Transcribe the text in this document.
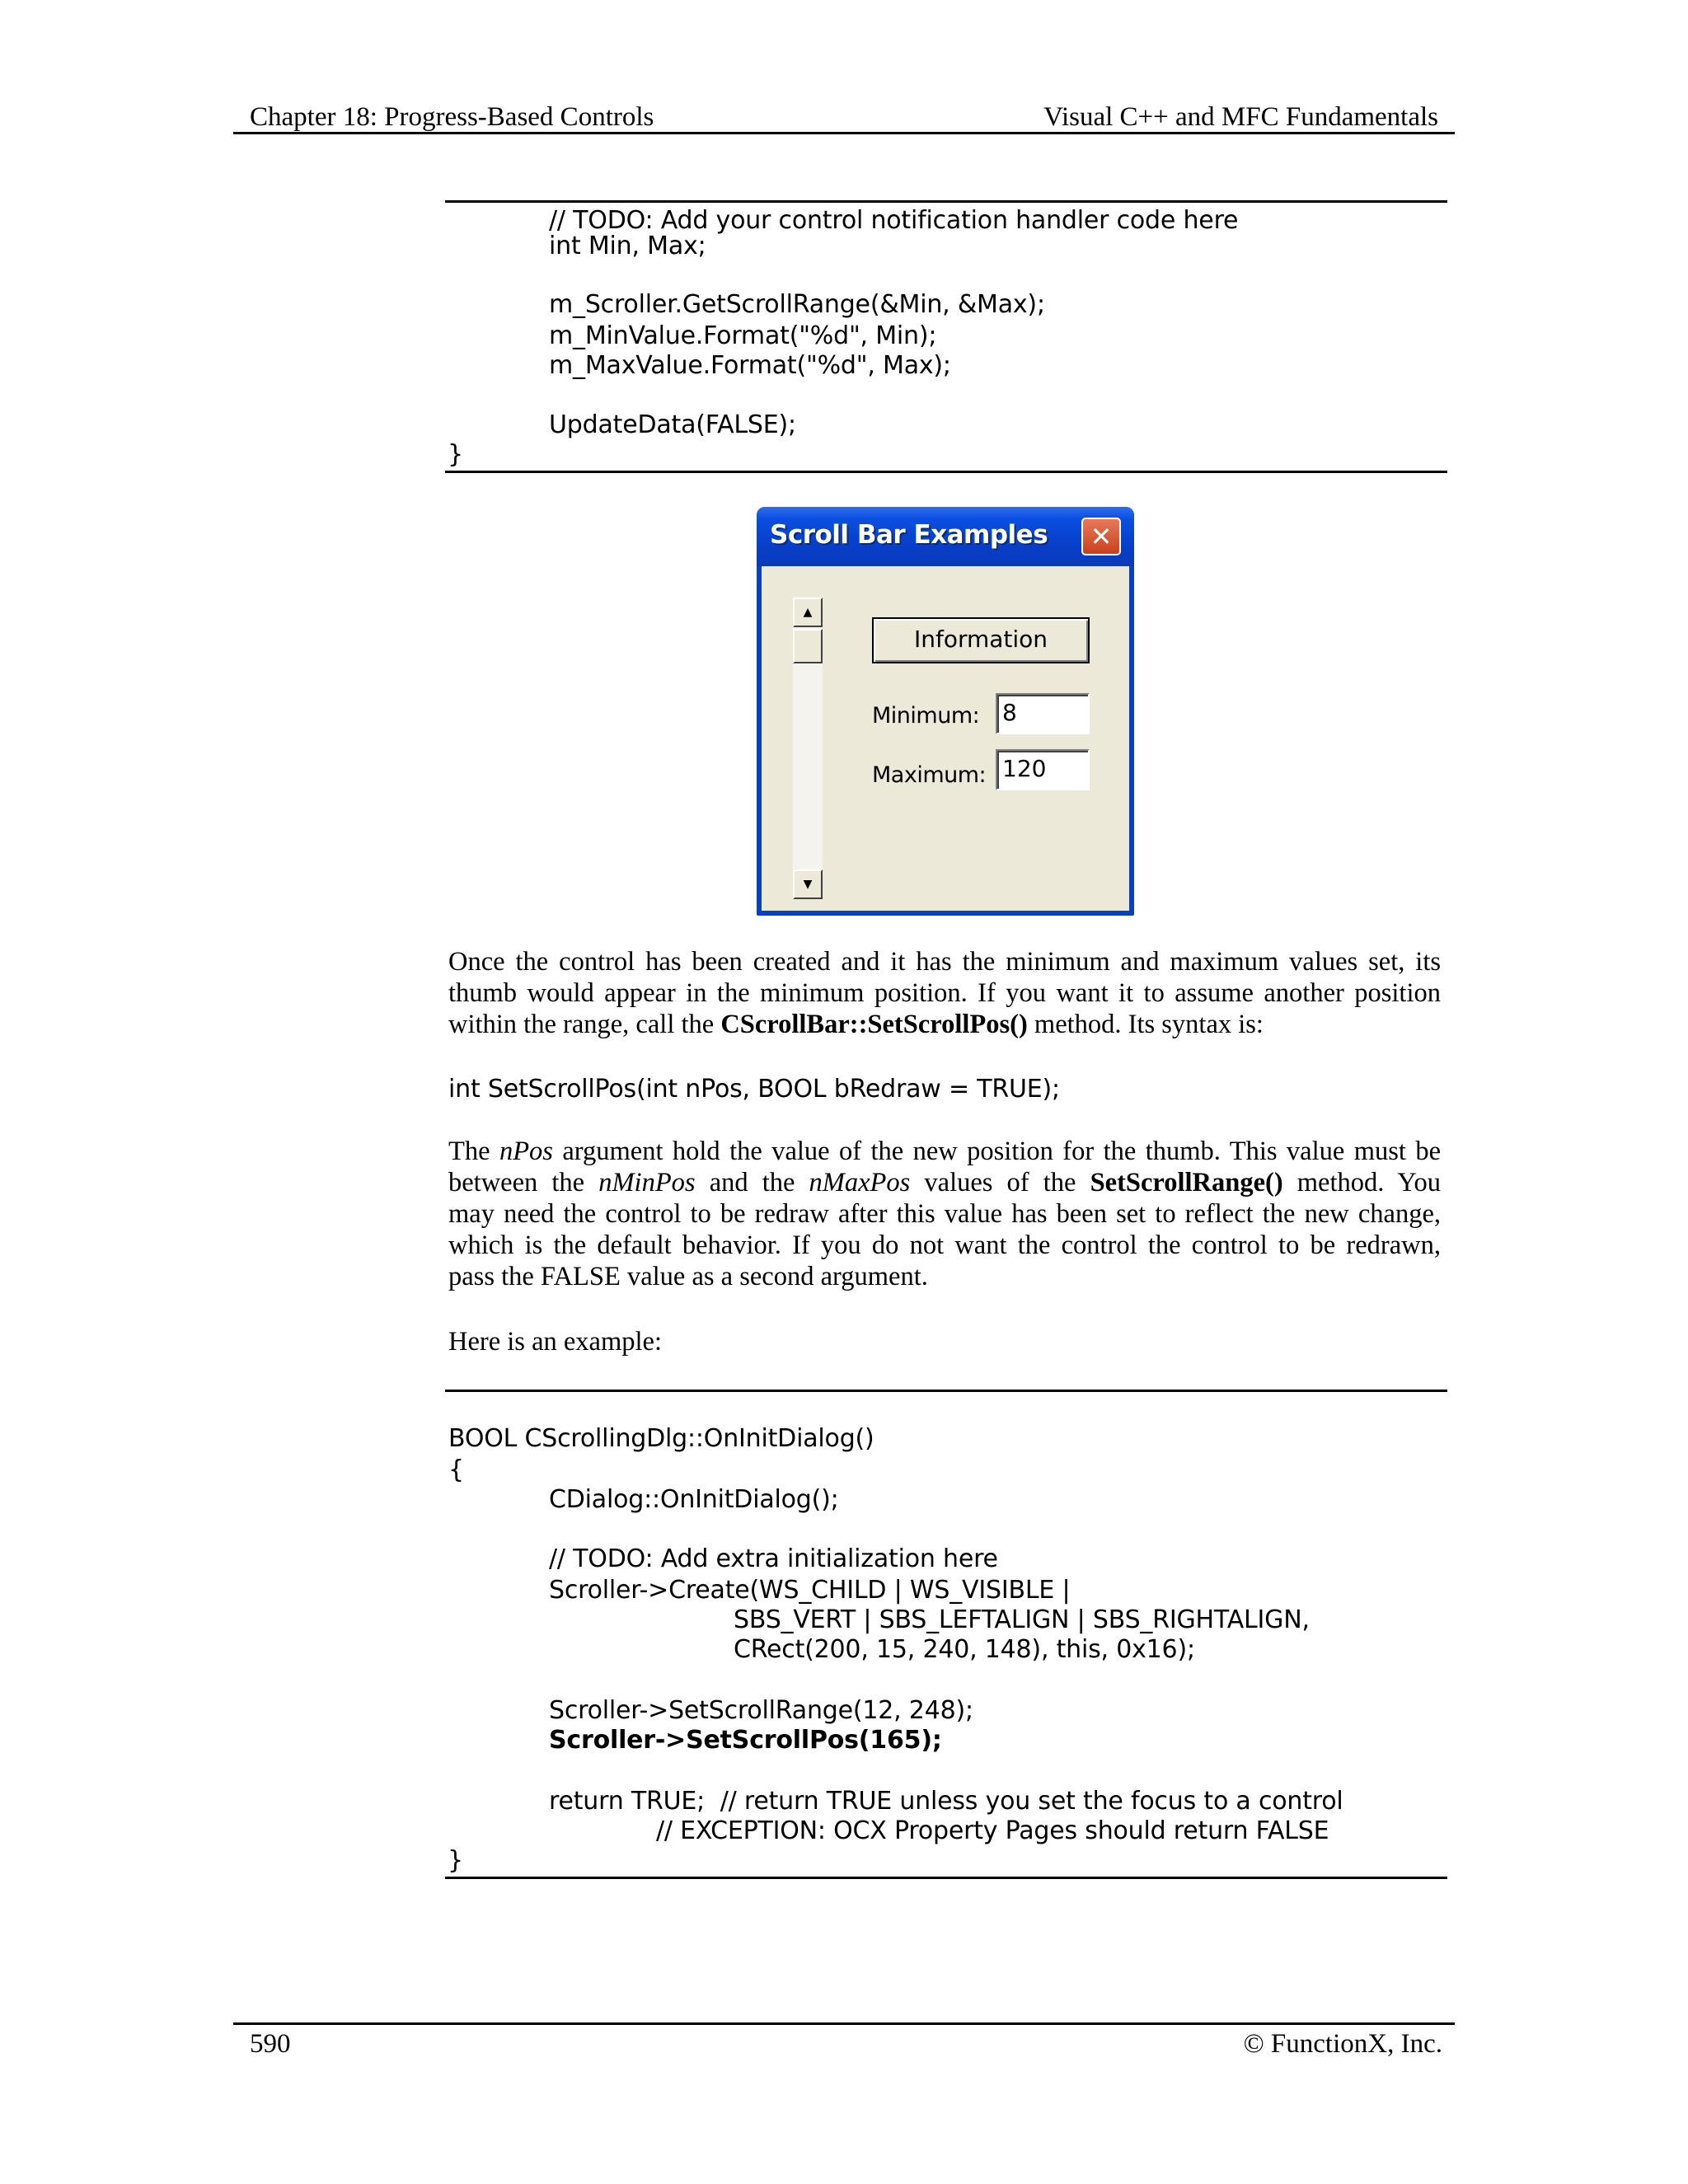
Chapter 18: Progress-Based Controls	Visual C++ and MFC Fundamentals
// TODO: Add your control notification handler code here
int Min, Max;
m_Scroller.GetScrollRange(&Min, &Max);
m_MinValue.Format("%d", Min);
m_MaxValue.Format("%d", Max);
UpdateData(FALSE);
}
Scroll Bar Examples	✕
▲
▼
Information
Minimum: 8
Maximum: 120
Once the control has been created and it has the minimum and maximum values set, its
thumb would appear in the minimum position. If you want it to assume another position
within the range, call the CScrollBar::SetScrollPos() method. Its syntax is:
int SetScrollPos(int nPos, BOOL bRedraw = TRUE);
The nPos argument hold the value of the new position for the thumb. This value must be
between the nMinPos and the nMaxPos values of the SetScrollRange() method. You
may need the control to be redraw after this value has been set to reflect the new change,
which is the default behavior. If you do not want the control the control to be redrawn,
pass the FALSE value as a second argument.
Here is an example:
BOOL CScrollingDlg::OnInitDialog()
{
CDialog::OnInitDialog();
// TODO: Add extra initialization here
Scroller->Create(WS_CHILD | WS_VISIBLE |
SBS_VERT | SBS_LEFTALIGN | SBS_RIGHTALIGN,
CRect(200, 15, 240, 148), this, 0x16);
Scroller->SetScrollRange(12, 248);
Scroller->SetScrollPos(165);
return TRUE;  // return TRUE unless you set the focus to a control
// EXCEPTION: OCX Property Pages should return FALSE
}
590	© FunctionX, Inc.
